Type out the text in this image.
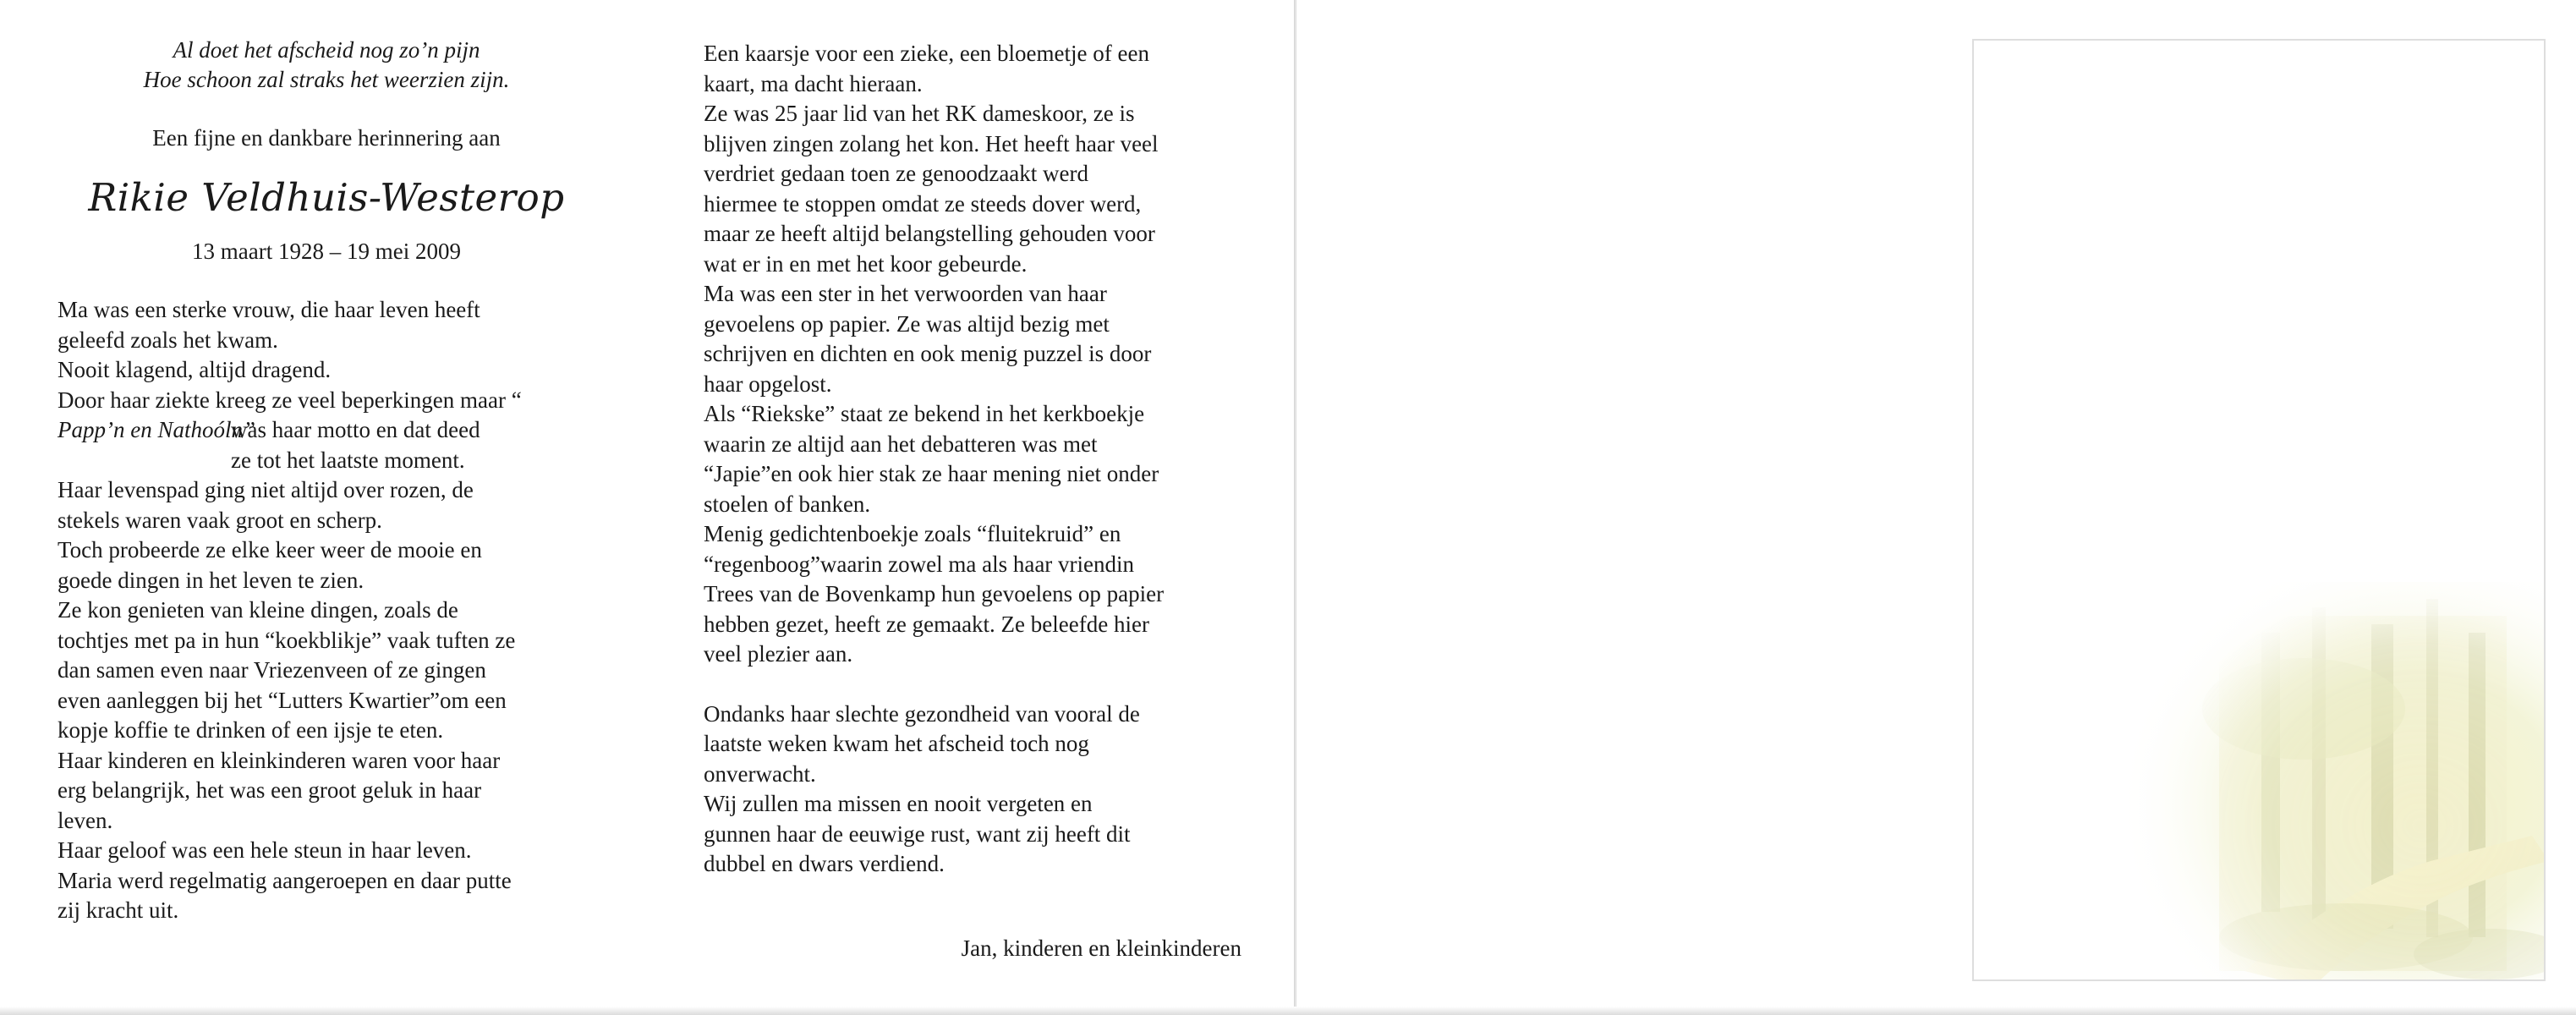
Al doet het afscheid nog zo’n pijn
Hoe schoon zal straks het weerzien zijn.
Een fijne en dankbare herinnering aan
Rikie Veldhuis-Westerop
13 maart 1928 – 19 mei 2009

Ma was een sterke vrouw, die haar leven heeft
geleefd zoals het kwam.

Nooit klagend, altijd dragend.

Door haar ziekte kreeg ze veel beperkingen maar “

Papp’n en Nathoóln”

was haar motto en dat deed
ze tot het laatste moment.

Haar levenspad ging niet altijd over rozen, de
stekels waren vaak groot en scherp.

Toch probeerde ze elke keer weer de mooie en
goede dingen in het leven te zien.

Ze kon genieten van kleine dingen, zoals de
tochtjes met pa in hun “koekblikje” vaak tuften ze
dan samen even naar Vriezenveen of ze gingen
even aanleggen bij het “Lutters Kwartier”om een
kopje koffie te drinken of een ijsje te eten.

Haar kinderen en kleinkinderen waren voor haar
erg belangrijk, het was een groot geluk in haar
leven.

Haar geloof was een hele steun in haar leven.

Maria werd regelmatig aangeroepen en daar putte
zij kracht uit.

Een kaarsje voor een zieke, een bloemetje of een
kaart, ma dacht hieraan.

Ze was 25 jaar lid van het RK dameskoor, ze is
blijven zingen zolang het kon. Het heeft haar veel
verdriet gedaan toen ze genoodzaakt werd
hiermee te stoppen omdat ze steeds dover werd,
maar ze heeft altijd belangstelling gehouden voor
wat er in en met het koor gebeurde.

Ma was een ster in het verwoorden van haar
gevoelens op papier. Ze was altijd bezig met
schrijven en dichten en ook menig puzzel is door
haar opgelost.

Als “Riekske” staat ze bekend in het kerkboekje
waarin ze altijd aan het debatteren was met
“Japie”en ook hier stak ze haar mening niet onder
stoelen of banken.

Menig gedichtenboekje zoals “fluitekruid” en
“regenboog”waarin zowel ma als haar vriendin
Trees van de Bovenkamp hun gevoelens op papier
hebben gezet, heeft ze gemaakt. Ze beleefde hier
veel plezier aan.

Ondanks haar slechte gezondheid van vooral de
laatste weken kwam het afscheid toch nog
onverwacht.

Wij zullen ma missen en nooit vergeten en
gunnen haar de eeuwige rust, want zij heeft dit
dubbel en dwars verdiend.

Jan, kinderen en kleinkinderen
